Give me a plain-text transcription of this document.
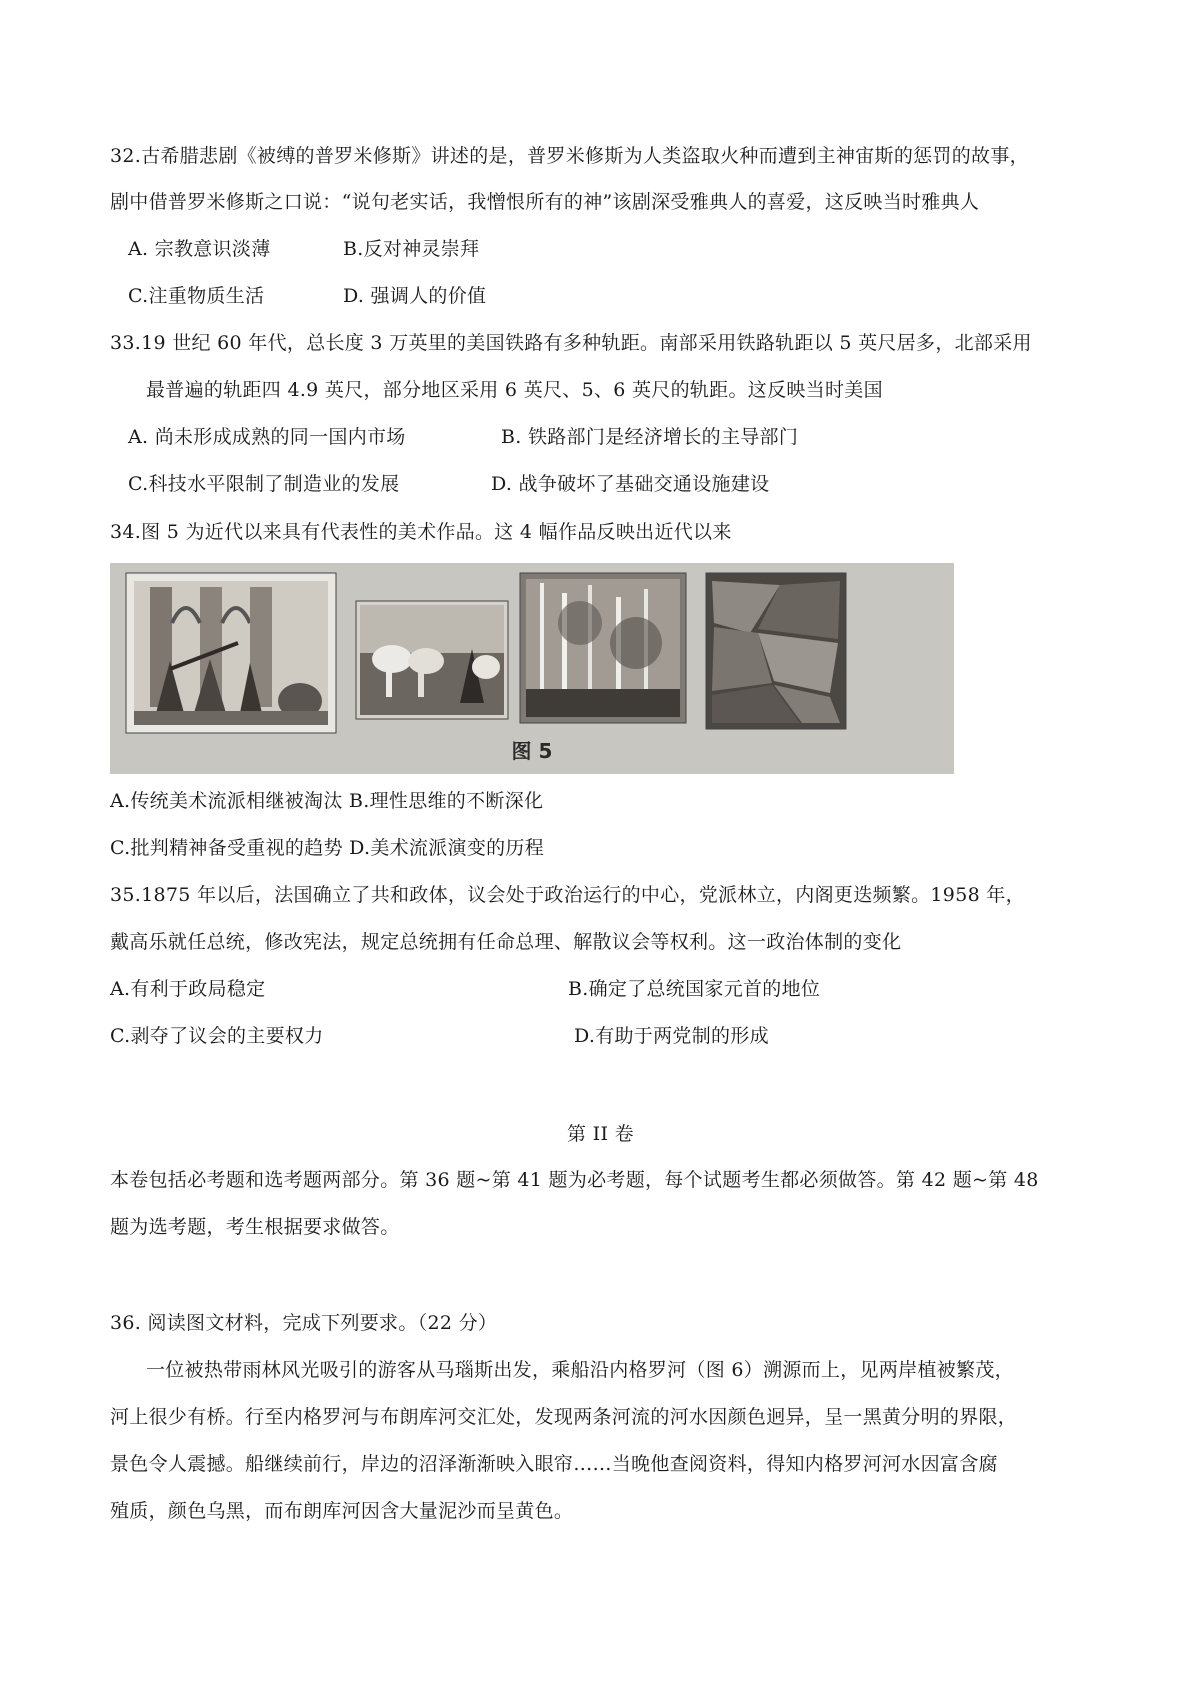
32.古希腊悲剧《被缚的普罗米修斯》讲述的是，普罗米修斯为人类盗取火种而遭到主神宙斯的惩罚的故事，
剧中借普罗米修斯之口说：“说句老实话，我憎恨所有的神”该剧深受雅典人的喜爱，这反映当时雅典人
A. 宗教意识淡薄	B.反对神灵崇拜
C.注重物质生活	D. 强调人的价值
33.19 世纪 60 年代，总长度 3 万英里的美国铁路有多种轨距。南部采用铁路轨距以 5 英尺居多，北部采用
最普遍的轨距四 4.9 英尺，部分地区采用 6 英尺、5、6 英尺的轨距。这反映当时美国
A. 尚未形成成熟的同一国内市场	B. 铁路部门是经济增长的主导部门
C.科技水平限制了制造业的发展	D. 战争破坏了基础交通设施建设
34.图 5 为近代以来具有代表性的美术作品。这 4 幅作品反映出近代以来
图 5
A.传统美术流派相继被淘汰 B.理性思维的不断深化
C.批判精神备受重视的趋势 D.美术流派演变的历程
35.1875 年以后，法国确立了共和政体，议会处于政治运行的中心，党派林立，内阁更迭频繁。1958 年，
戴高乐就任总统，修改宪法，规定总统拥有任命总理、解散议会等权利。这一政治体制的变化
A.有利于政局稳定	B.确定了总统国家元首的地位
C.剥夺了议会的主要权力	D.有助于两党制的形成
第 II 卷
本卷包括必考题和选考题两部分。第 36 题~第 41 题为必考题，每个试题考生都必须做答。第 42 题~第 48
题为选考题，考生根据要求做答。
36. 阅读图文材料，完成下列要求。（22 分）
一位被热带雨林风光吸引的游客从马瑙斯出发，乘船沿内格罗河（图 6）溯源而上，见两岸植被繁茂，
河上很少有桥。行至内格罗河与布朗库河交汇处，发现两条河流的河水因颜色迥异，呈一黑黄分明的界限，
景色令人震撼。船继续前行，岸边的沼泽渐渐映入眼帘……当晚他查阅资料，得知内格罗河河水因富含腐
殖质，颜色乌黑，而布朗库河因含大量泥沙而呈黄色。
